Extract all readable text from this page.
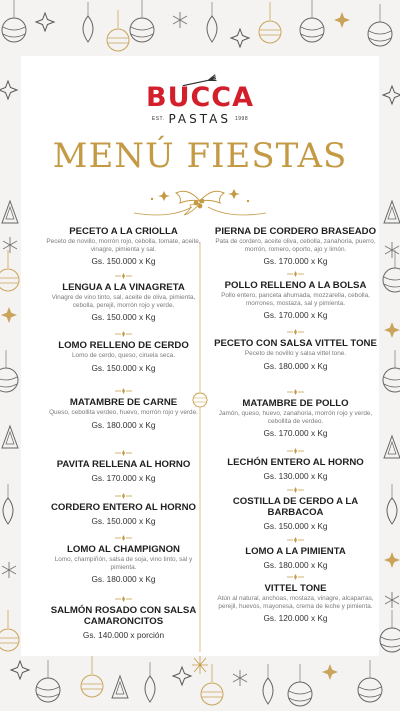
BUCCA
EST. PASTAS 1998
MENÚ FIESTAS
PECETO A LA CRIOLLA
Peceto de novillo, morrón rojo, cebolla, tomate, aceite, vinagre, pimienta y sal.
Gs. 150.000 x Kg
LENGUA A LA VINAGRETA
Vinagre de vino tinto, sal, aceite de oliva, pimienta, cebolla, perejil, morrón rojo y verde.
Gs. 150.000 x Kg
LOMO RELLENO DE CERDO
Lomo de cerdo, queso, ciruela seca.
Gs. 150.000 x Kg
MATAMBRE DE CARNE
Queso, cebollita verdeo, huevo, morrón rojo y verde.
Gs. 180.000 x Kg
PAVITA RELLENA AL HORNO
Gs. 170.000 x Kg
CORDERO ENTERO AL HORNO
Gs. 150.000 x Kg
LOMO AL CHAMPIGNON
Lomo, champiñón, salsa de soja, vino tinto, sal y pimienta.
Gs. 180.000 x Kg
SALMÓN ROSADO CON SALSA CAMARONCITOS
Gs. 140.000 x porción
PIERNA DE CORDERO BRASEADO
Pata de cordero, aceite oliva, cebolla, zanahoria, puerro, morrón, romero, oporto, ajo y limón.
Gs. 170.000 x Kg
POLLO RELLENO A LA BOLSA
Pollo entero, panceta ahumada, mozzarella, cebolla, morrones, mostaza, sal y pimienta.
Gs. 170.000 x Kg
PECETO CON SALSA VITTEL TONE
Peceto de novillo y salsa vittel tone.
Gs. 180.000 x Kg
MATAMBRE DE POLLO
Jamón, queso, huevo, zanahoria, morrón rojo y verde, cebollita de verdeo.
Gs. 170.000 x Kg
LECHÓN ENTERO AL HORNO
Gs. 130.000 x Kg
COSTILLA DE CERDO A LA BARBACOA
Gs. 150.000 x Kg
LOMO A LA PIMIENTA
Gs. 180.000 x Kg
VITTEL TONE
Atún al natural, anchoas, mostaza, vinagre, alcaparras, perejil, huevos, mayonesa, crema de leche y pimienta.
Gs. 120.000 x Kg
